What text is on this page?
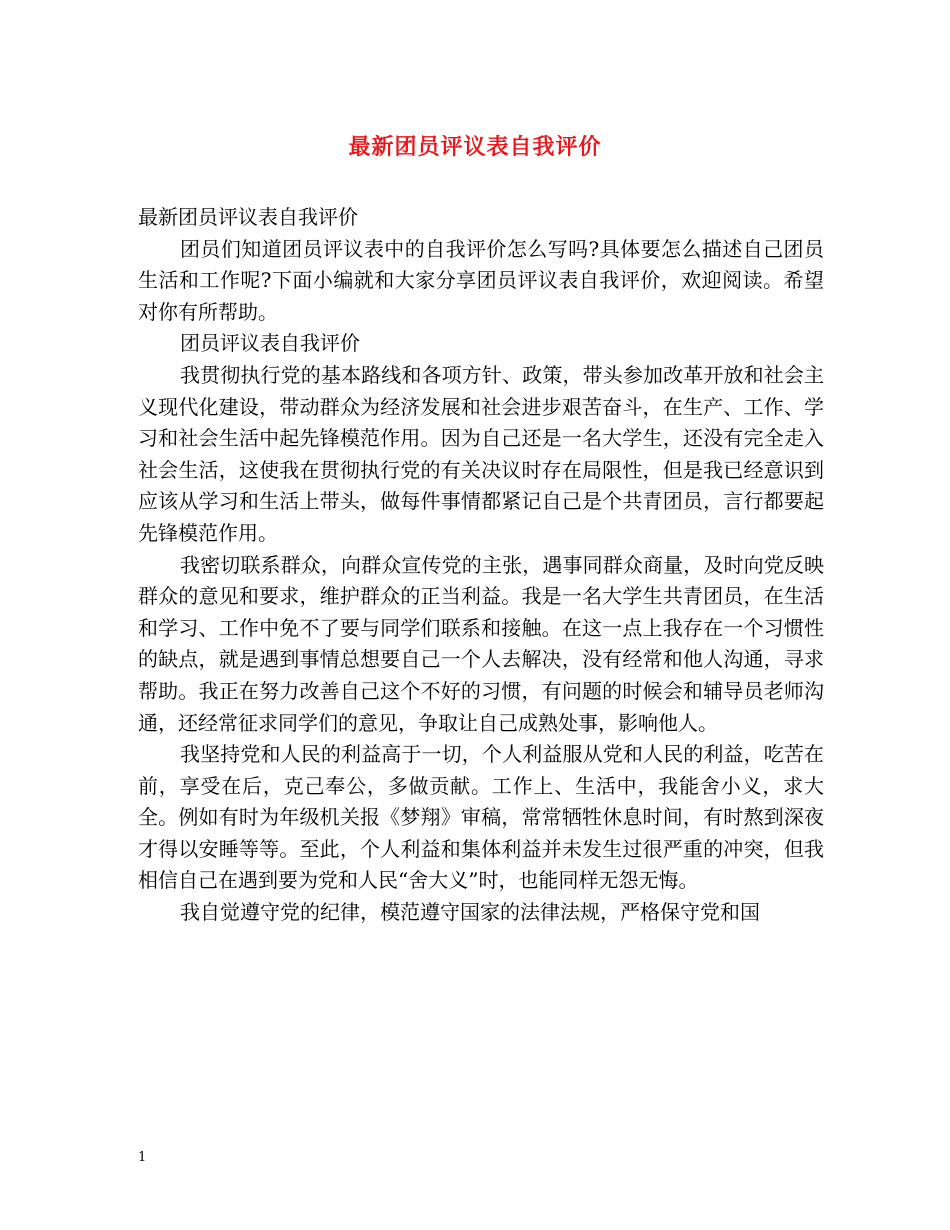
最新团员评议表自我评价

最新团员评议表自我评价

团员们知道团员评议表中的自我评价怎么写吗?具体要怎么描述自己团员生活和工作呢?下面小编就和大家分享团员评议表自我评价，欢迎阅读。希望对你有所帮助。

团员评议表自我评价

我贯彻执行党的基本路线和各项方针、政策，带头参加改革开放和社会主义现代化建设，带动群众为经济发展和社会进步艰苦奋斗，在生产、工作、学习和社会生活中起先锋模范作用。因为自己还是一名大学生，还没有完全走入社会生活，这使我在贯彻执行党的有关决议时存在局限性，但是我已经意识到应该从学习和生活上带头，做每件事情都紧记自己是个共青团员，言行都要起先锋模范作用。

我密切联系群众，向群众宣传党的主张，遇事同群众商量，及时向党反映群众的意见和要求，维护群众的正当利益。我是一名大学生共青团员，在生活和学习、工作中免不了要与同学们联系和接触。在这一点上我存在一个习惯性的缺点，就是遇到事情总想要自己一个人去解决，没有经常和他人沟通，寻求帮助。我正在努力改善自己这个不好的习惯，有问题的时候会和辅导员老师沟通，还经常征求同学们的意见，争取让自己成熟处事，影响他人。

我坚持党和人民的利益高于一切，个人利益服从党和人民的利益，吃苦在前，享受在后，克己奉公，多做贡献。工作上、生活中，我能舍小义，求大全。例如有时为年级机关报《梦翔》审稿，常常牺牲休息时间，有时熬到深夜才得以安睡等等。至此，个人利益和集体利益并未发生过很严重的冲突，但我相信自己在遇到要为党和人民“舍大义”时，也能同样无怨无悔。

我自觉遵守党的纪律，模范遵守国家的法律法规，严格保守党和国

1
